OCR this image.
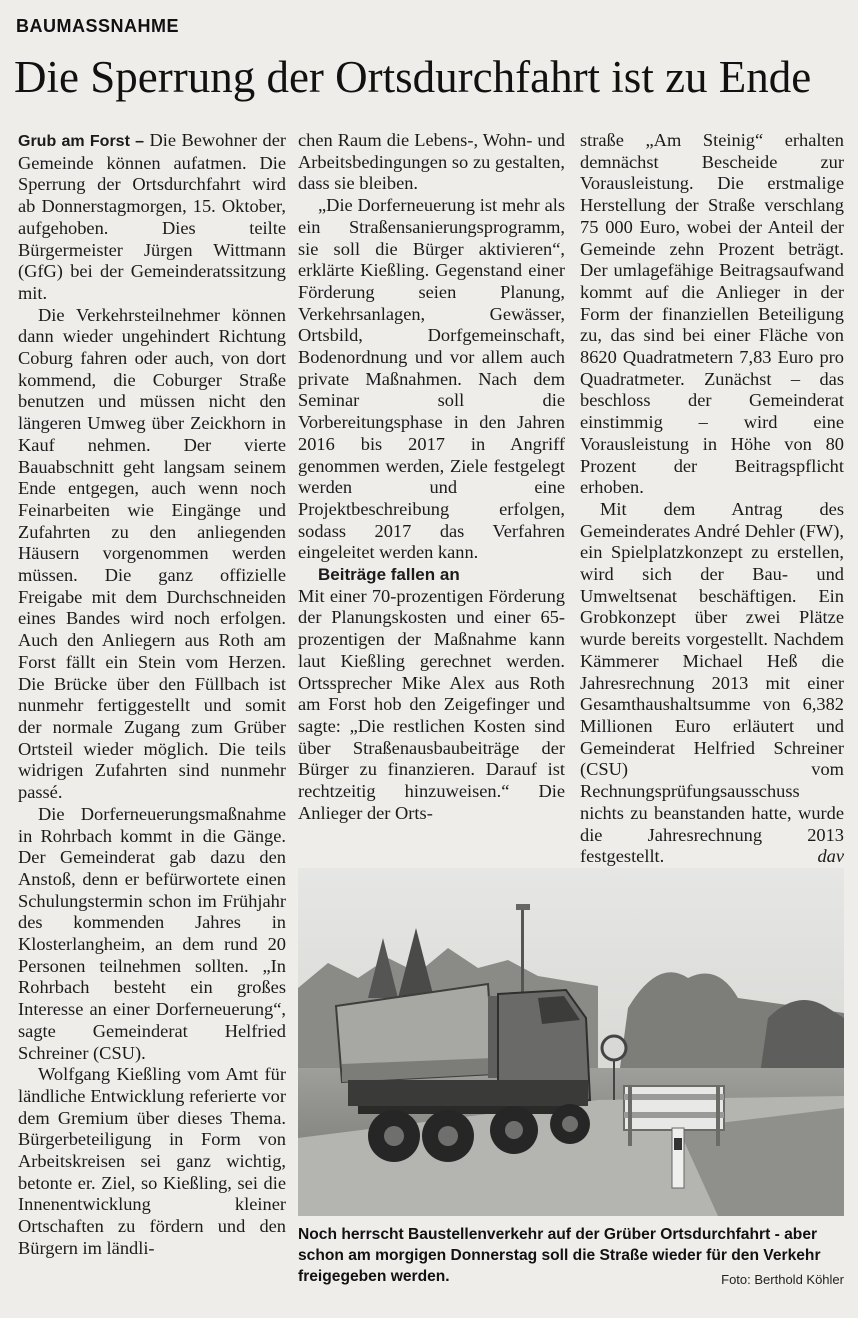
BAUMASSNAHME
Die Sperrung der Ortsdurchfahrt ist zu Ende

Grub am Forst – Die Bewohner der Gemeinde können aufatmen. Die Sperrung der Ortsdurchfahrt wird ab Donnerstagmorgen, 15. Oktober, aufgehoben. Dies teilte Bürgermeister Jürgen Wittmann (GfG) bei der Gemeinderatssitzung mit.

Die Verkehrsteilnehmer können dann wieder ungehindert Richtung Coburg fahren oder auch, von dort kommend, die Coburger Straße benutzen und müssen nicht den längeren Umweg über Zeickhorn in Kauf nehmen. Der vierte Bauabschnitt geht langsam seinem Ende entgegen, auch wenn noch Feinarbeiten wie Eingänge und Zufahrten zu den anliegenden Häusern vorgenommen werden müssen. Die ganz offizielle Freigabe mit dem Durchschneiden eines Bandes wird noch erfolgen. Auch den Anliegern aus Roth am Forst fällt ein Stein vom Herzen. Die Brücke über den Füllbach ist nunmehr fertiggestellt und somit der normale Zugang zum Grüber Ortsteil wieder möglich. Die teils widrigen Zufahrten sind nunmehr passé.

Die Dorferneuerungsmaßnahme in Rohrbach kommt in die Gänge. Der Gemeinderat gab dazu den Anstoß, denn er befürwortete einen Schulungstermin schon im Frühjahr des kommenden Jahres in Klosterlangheim, an dem rund 20 Personen teilnehmen sollten. „In Rohrbach besteht ein großes Interesse an einer Dorferneuerung“, sagte Gemeinderat Helfried Schreiner (CSU).

Wolfgang Kießling vom Amt für ländliche Entwicklung referierte vor dem Gremium über dieses Thema. Bürgerbeteiligung in Form von Arbeitskreisen sei ganz wichtig, betonte er. Ziel, so Kießling, sei die Innenentwicklung kleiner Ortschaften zu fördern und den Bürgern im ländli-

chen Raum die Lebens-, Wohn- und Arbeitsbedingungen so zu gestalten, dass sie bleiben.

„Die Dorferneuerung ist mehr als ein Straßensanierungsprogramm, sie soll die Bürger aktivieren“, erklärte Kießling. Gegenstand einer Förderung seien Planung, Verkehrsanlagen, Gewässer, Ortsbild, Dorfgemeinschaft, Bodenordnung und vor allem auch private Maßnahmen. Nach dem Seminar soll die Vorbereitungsphase in den Jahren 2016 bis 2017 in Angriff genommen werden, Ziele festgelegt werden und eine Projektbeschreibung erfolgen, sodass 2017 das Verfahren eingeleitet werden kann.

Beiträge fallen an

Mit einer 70-prozentigen Förderung der Planungskosten und einer 65-prozentigen der Maßnahme kann laut Kießling gerechnet werden. Ortssprecher Mike Alex aus Roth am Forst hob den Zeigefinger und sagte: „Die restlichen Kosten sind über Straßenausbaubeiträge der Bürger zu finanzieren. Darauf ist rechtzeitig hinzuweisen.“ Die Anlieger der Orts-

straße „Am Steinig“ erhalten demnächst Bescheide zur Vorausleistung. Die erstmalige Herstellung der Straße verschlang 75 000 Euro, wobei der Anteil der Gemeinde zehn Prozent beträgt. Der umlagefähige Beitragsaufwand kommt auf die Anlieger in der Form der finanziellen Beteiligung zu, das sind bei einer Fläche von 8620 Quadratmetern 7,83 Euro pro Quadratmeter. Zunächst – das beschloss der Gemeinderat einstimmig – wird eine Vorausleistung in Höhe von 80 Prozent der Beitragspflicht erhoben.

Mit dem Antrag des Gemeinderates André Dehler (FW), ein Spielplatzkonzept zu erstellen, wird sich der Bau- und Umweltsenat beschäftigen. Ein Grobkonzept über zwei Plätze wurde bereits vorgestellt. Nachdem Kämmerer Michael Heß die Jahresrechnung 2013 mit einer Gesamthaushaltsumme von 6,382 Millionen Euro erläutert und Gemeinderat Helfried Schreiner (CSU) vom Rechnungsprüfungsausschuss nichts zu beanstanden hatte, wurde die Jahresrechnung 2013 festgestellt.	dav

Noch herrscht Baustellenverkehr auf der Grüber Ortsdurchfahrt - aber schon am morgigen Donnerstag soll die Straße wieder für den Verkehr freigegeben werden.	Foto: Berthold Köhler
